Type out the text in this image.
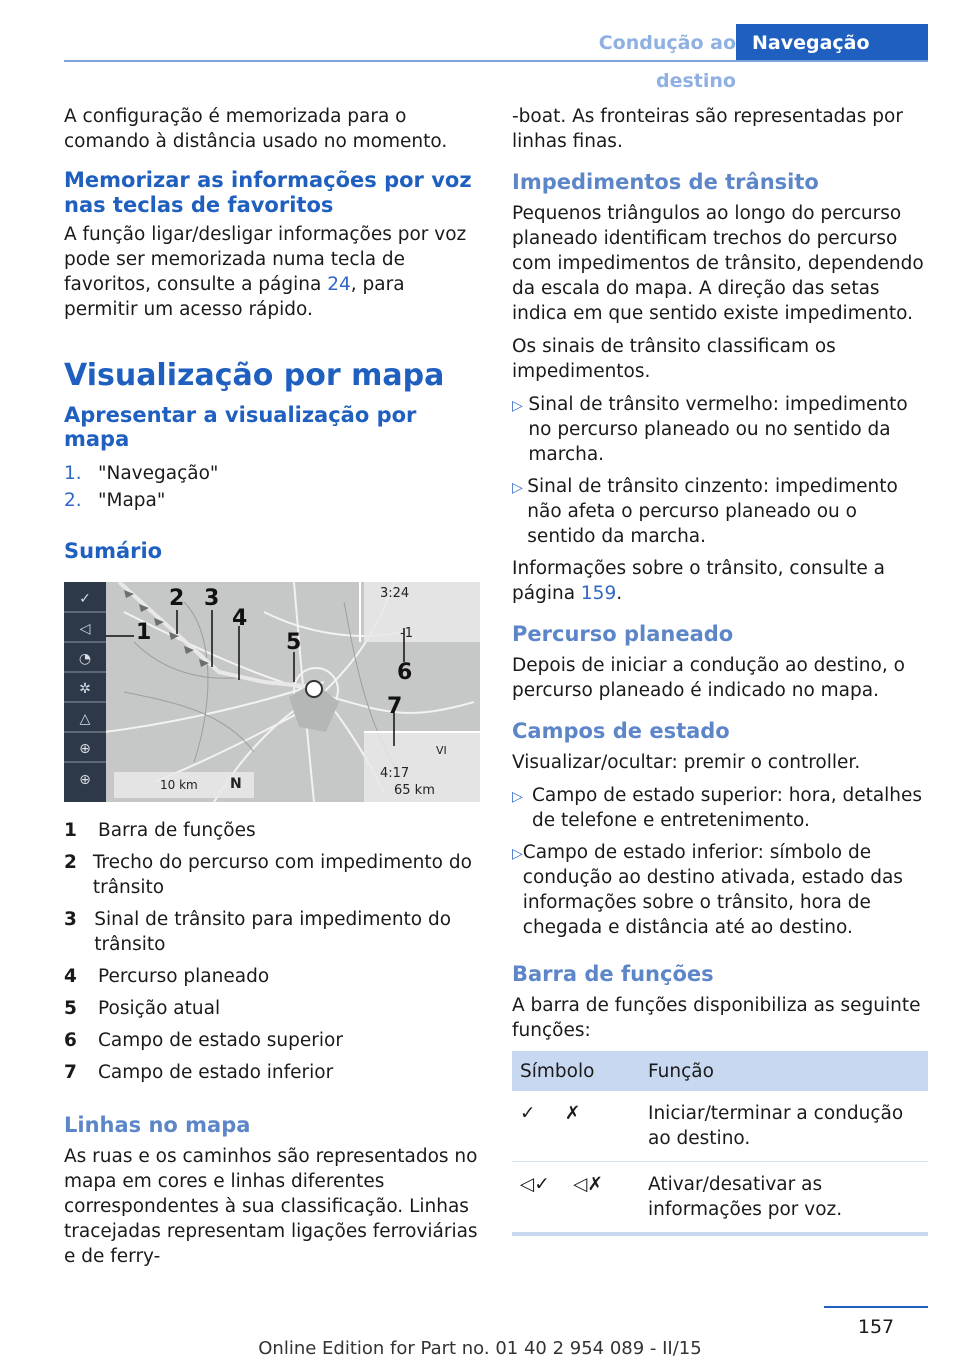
Condução ao destino
Navegação

A configuração é memorizada para o comando à distância usado no momento.

Memorizar as informações por voz nas teclas de favoritos

A função ligar/desligar informações por voz pode ser memorizada numa tecla de favoritos, consulte a página 24, para permitir um acesso rápido.

Visualização por mapa
Apresentar a visualização por mapa
1. "Navegação"
2. "Mapa"
Sumário
✓
◁
◔
✲
△
⊕
⊕
1
2 3
4
5
6
7
3:24
-1
VI
4:17
65 km
10 km N
1	Barra de funções
2 Trecho do percurso com impedimento do trânsito
3 Sinal de trânsito para impedimento do trânsito
4	Percurso planeado
5	Posição atual
6	Campo de estado superior
7	Campo de estado inferior
Linhas no mapa

As ruas e os caminhos são representados no mapa em cores e linhas diferentes correspondentes à sua classificação. Linhas tracejadas representam ligações ferroviárias e de ferry-

-boat. As fronteiras são representadas por linhas finas.

Impedimentos de trânsito

Pequenos triângulos ao longo do percurso planeado identificam trechos do percurso com impedimentos de trânsito, dependendo da escala do mapa. A direção das setas indica em que sentido existe impedimento.

Os sinais de trânsito classificam os impedimentos.

▷ Sinal de trânsito vermelho: impedimento no percurso planeado ou no sentido da marcha.
▷ Sinal de trânsito cinzento: impedimento não afeta o percurso planeado ou o sentido da marcha.

Informações sobre o trânsito, consulte a página 159.

Percurso planeado

Depois de iniciar a condução ao destino, o percurso planeado é indicado no mapa.

Campos de estado

Visualizar/ocultar: premir o controller.

▷ Campo de estado superior: hora, detalhes de telefone e entretenimento.
▷ Campo de estado inferior: símbolo de condução ao destino ativada, estado das informações sobre o trânsito, hora de chegada e distância até ao destino.
Barra de funções

A barra de funções disponibiliza as seguinte funções:

Símbolo	Função
✓     ✗	Iniciar/terminar a condução ao destino.
◁✓    ◁✗	Ativar/desativar as informações por voz.
157
Online Edition for Part no. 01 40 2 954 089 - II/15
